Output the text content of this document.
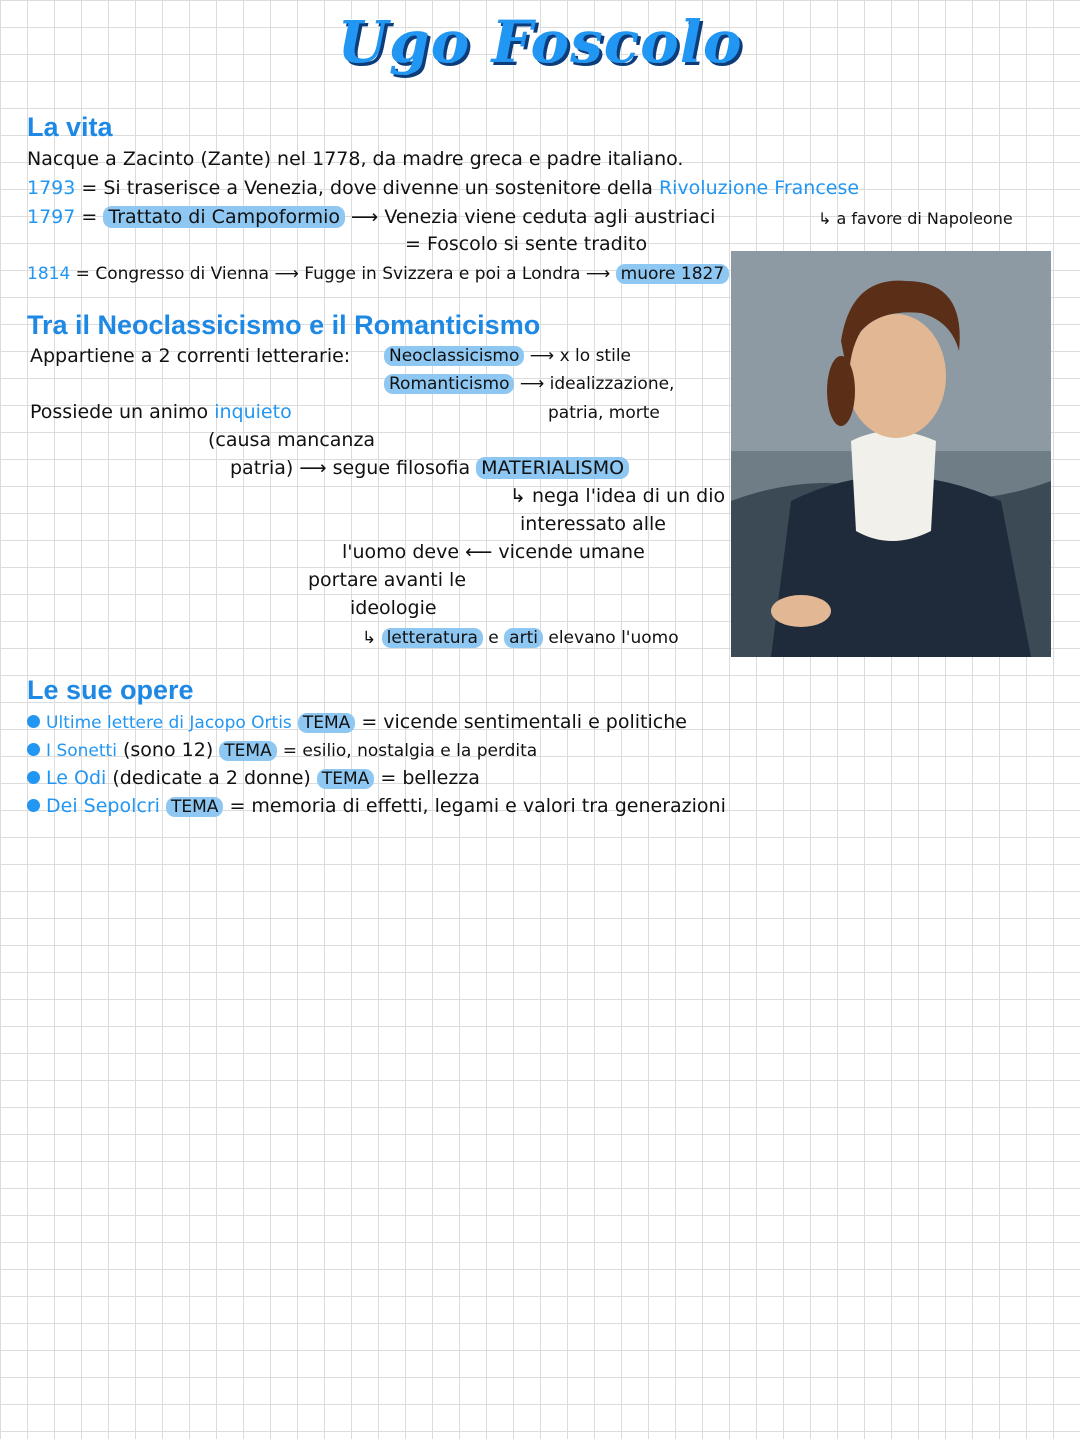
Ugo Foscolo
La vita
Nacque a Zacinto (Zante) nel 1778, da madre greca e padre italiano.
1793 = Si traserisce a Venezia, dove divenne un sostenitore della Rivoluzione Francese
1797 = Trattato di Campoformio ⟶ Venezia viene ceduta agli austriaci	↳ a favore di Napoleone
= Foscolo si sente tradito
1814 = Congresso di Vienna ⟶ Fugge in Svizzera e poi a Londra ⟶ muore 1827
Tra il Neoclassicismo e il Romanticismo
Appartiene a 2 correnti letterarie: Neoclassicismo ⟶ x lo stile
Romanticismo ⟶ idealizzazione,
patria, morte
Possiede un animo inquieto
(causa mancanza
patria) ⟶ segue filosofia MATERIALISMO
↳ nega l'idea di un dio
interessato alle
l'uomo deve ⟵ vicende umane
portare avanti le
ideologie
↳ letteratura e arti elevano l'uomo
Le sue opere
Ultime lettere di Jacopo Ortis TEMA = vicende sentimentali e politiche
I Sonetti (sono 12) TEMA = esilio, nostalgia e la perdita
Le Odi (dedicate a 2 donne) TEMA = bellezza
Dei Sepolcri TEMA = memoria di effetti, legami e valori tra generazioni
